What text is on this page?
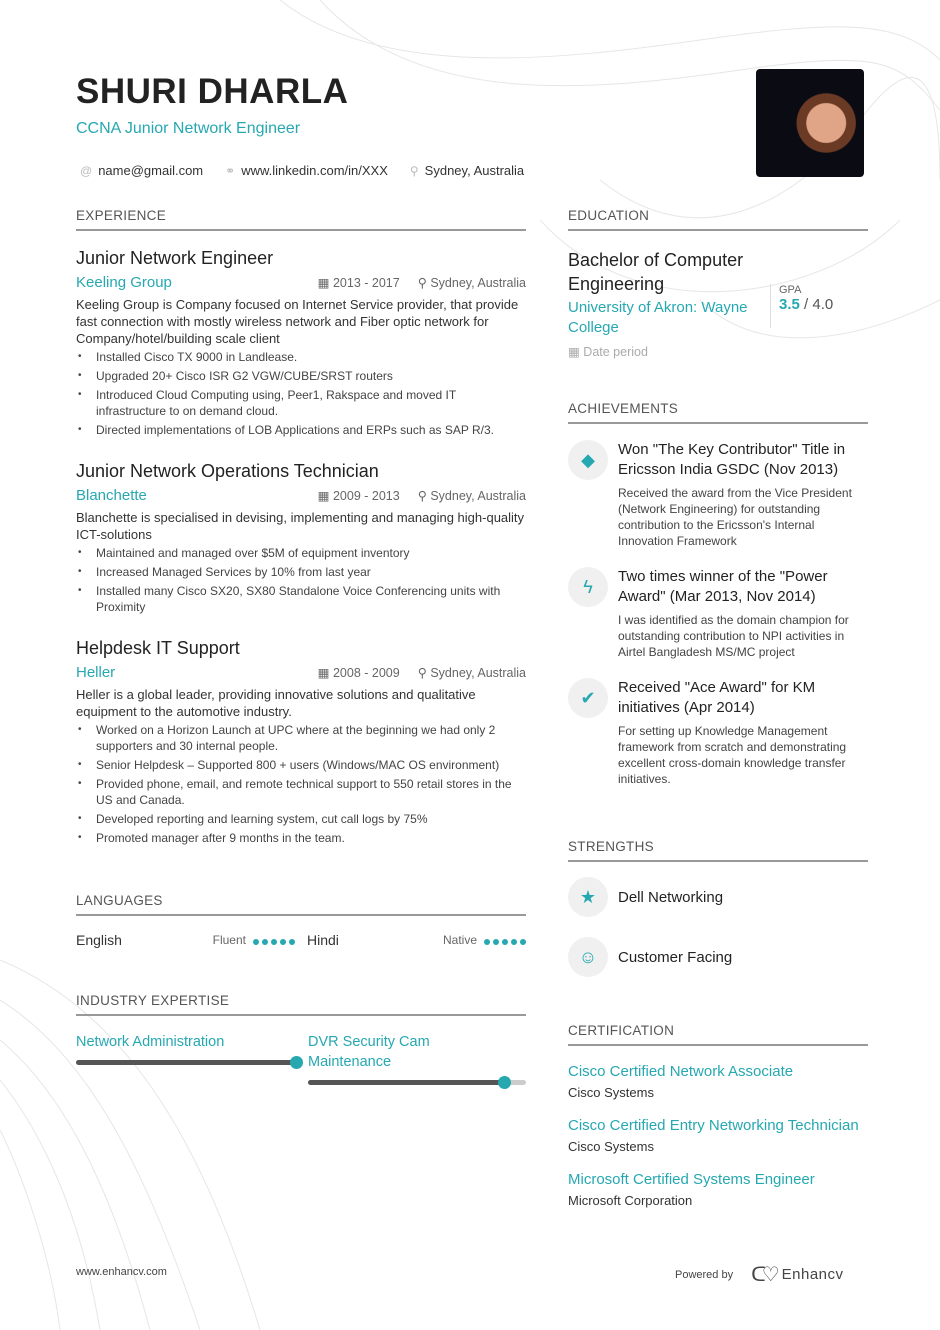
SHURI DHARLA
CCNA Junior Network Engineer
@ name@gmail.com ⚭ www.linkedin.com/in/XXX ⚲ Sydney, Australia
EXPERIENCE
Junior Network Engineer
Keeling Group	▦ 2013 - 2017 ⚲ Sydney, Australia
Keeling Group is Company focused on Internet Service provider, that provide fast connection with mostly wireless network and Fiber optic network for Company/hotel/building scale client
• Installed Cisco TX 9000 in Landlease.
• Upgraded 20+ Cisco ISR G2 VGW/CUBE/SRST routers
• Introduced Cloud Computing using, Peer1, Rakspace and moved IT infrastructure to on demand cloud.
• Directed implementations of LOB Applications and ERPs such as SAP R/3.
Junior Network Operations Technician
Blanchette	▦ 2009 - 2013 ⚲ Sydney, Australia
Blanchette is specialised in devising, implementing and managing high-quality ICT-solutions
• Maintained and managed over $5M of equipment inventory
• Increased Managed Services by 10% from last year
• Installed many Cisco SX20, SX80 Standalone Voice Conferencing units with Proximity
Helpdesk IT Support
Heller	▦ 2008 - 2009 ⚲ Sydney, Australia
Heller is a global leader, providing innovative solutions and qualitative equipment to the automotive industry.
• Worked on a Horizon Launch at UPC where at the beginning we had only 2 supporters and 30 internal people.
• Senior Helpdesk – Supported 800 + users (Windows/MAC OS environment)
• Provided phone, email, and remote technical support to 550 retail stores in the US and Canada.
• Developed reporting and learning system, cut call logs by 75%
• Promoted manager after 9 months in the team.
LANGUAGES
English	Fluent	Hindi	Native
INDUSTRY EXPERTISE
Network Administration	DVR Security Cam Maintenance
EDUCATION
Bachelor of Computer Engineering
University of Akron: Wayne College
▦ Date period
GPA
3.5 / 4.0
ACHIEVEMENTS
◆	Won "The Key Contributor" Title in Ericsson India GSDC (Nov 2013)

Received the award from the Vice President (Network Engineering) for outstanding contribution to the Ericsson's Internal Innovation Framework

ϟ	Two times winner of the "Power Award" (Mar 2013, Nov 2014)

I was identified as the domain champion for outstanding contribution to NPI activities in Airtel Bangladesh MS/MC project

✔	Received "Ace Award" for KM initiatives (Apr 2014)

For setting up Knowledge Management framework from scratch and demonstrating excellent cross-domain knowledge transfer initiatives.

STRENGTHS
★	Dell Networking
☺	Customer Facing
CERTIFICATION
Cisco Certified Network Associate

Cisco Systems

Cisco Certified Entry Networking Technician

Cisco Systems

Microsoft Certified Systems Engineer

Microsoft Corporation

www.enhancv.com	Powered by ᑕ♡ Enhancv
